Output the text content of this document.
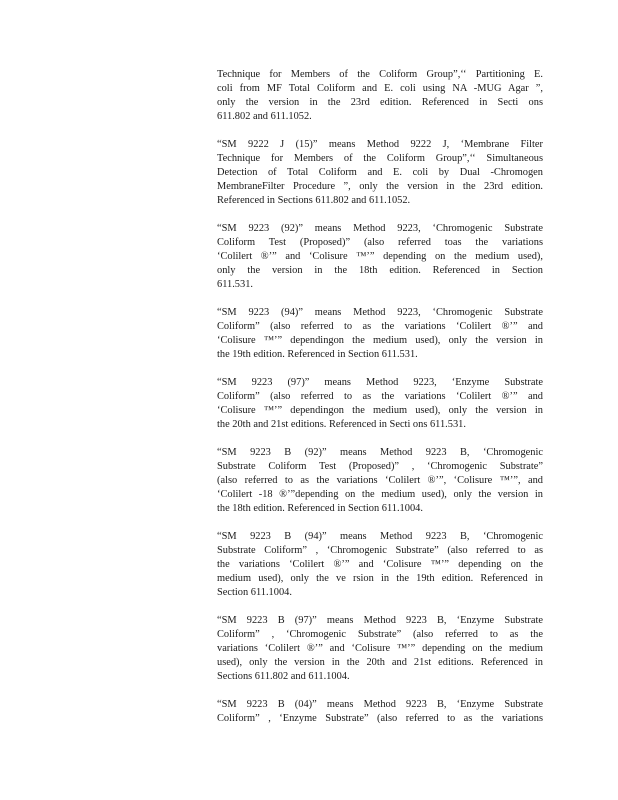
Technique for Members of the Coliform Group”,‘‘ Partitioning E.
coli from MF Total Coliform and E. coli using NA -MUG Agar ”,
only the version in the 23rd edition. Referenced in Secti ons
611.802 and 611.1052.

“SM 9222 J (15)” means Method 9222 J, ‘Membrane Filter
Technique for Members of the Coliform Group”,‘‘ Simultaneous
Detection of Total Coliform and E. coli by Dual -Chromogen
MembraneFilter Procedure ”, only the version in the 23rd edition.
Referenced in Sections 611.802 and 611.1052.

“SM 9223 (92)” means Method 9223, ‘Chromogenic Substrate
Coliform Test (Proposed)” (also referred toas the variations
‘Colilert ®’” and ‘Colisure ™’” depending on the medium used),
only the version in the 18th edition. Referenced in Section
611.531.

“SM 9223 (94)” means Method 9223, ‘Chromogenic Substrate
Coliform” (also referred to as the variations ‘Colilert ®’” and
‘Colisure ™’” dependingon the medium used), only the version in
the 19th edition. Referenced in Section 611.531.

“SM 9223 (97)” means Method 9223, ‘Enzyme Substrate
Coliform” (also referred to as the variations ‘Colilert ®’” and
‘Colisure ™’” dependingon the medium used), only the version in
the 20th and 21st editions. Referenced in Secti ons 611.531.

“SM 9223 B (92)” means Method 9223 B, ‘Chromogenic
Substrate Coliform Test (Proposed)” , ‘Chromogenic Substrate”
(also referred to as the variations ‘Colilert ®’”, ‘Colisure ™’”, and
‘Colilert -18 ®’”depending on the medium used), only the version in
the 18th edition. Referenced in Section 611.1004.

“SM 9223 B (94)” means Method 9223 B, ‘Chromogenic
Substrate Coliform” , ‘Chromogenic Substrate” (also referred to as
the variations ‘Colilert ®’” and ‘Colisure ™’” depending on the
medium used), only the ve rsion in the 19th edition. Referenced in
Section 611.1004.

“SM 9223 B (97)” means Method 9223 B, ‘Enzyme Substrate
Coliform” , ‘Chromogenic Substrate” (also referred to as the
variations ‘Colilert ®’” and ‘Colisure ™’” depending on the medium
used), only the version in the 20th and 21st editions. Referenced in
Sections 611.802 and 611.1004.

“SM 9223 B (04)” means Method 9223 B, ‘Enzyme Substrate
Coliform” , ‘Enzyme Substrate” (also referred to as the variations
